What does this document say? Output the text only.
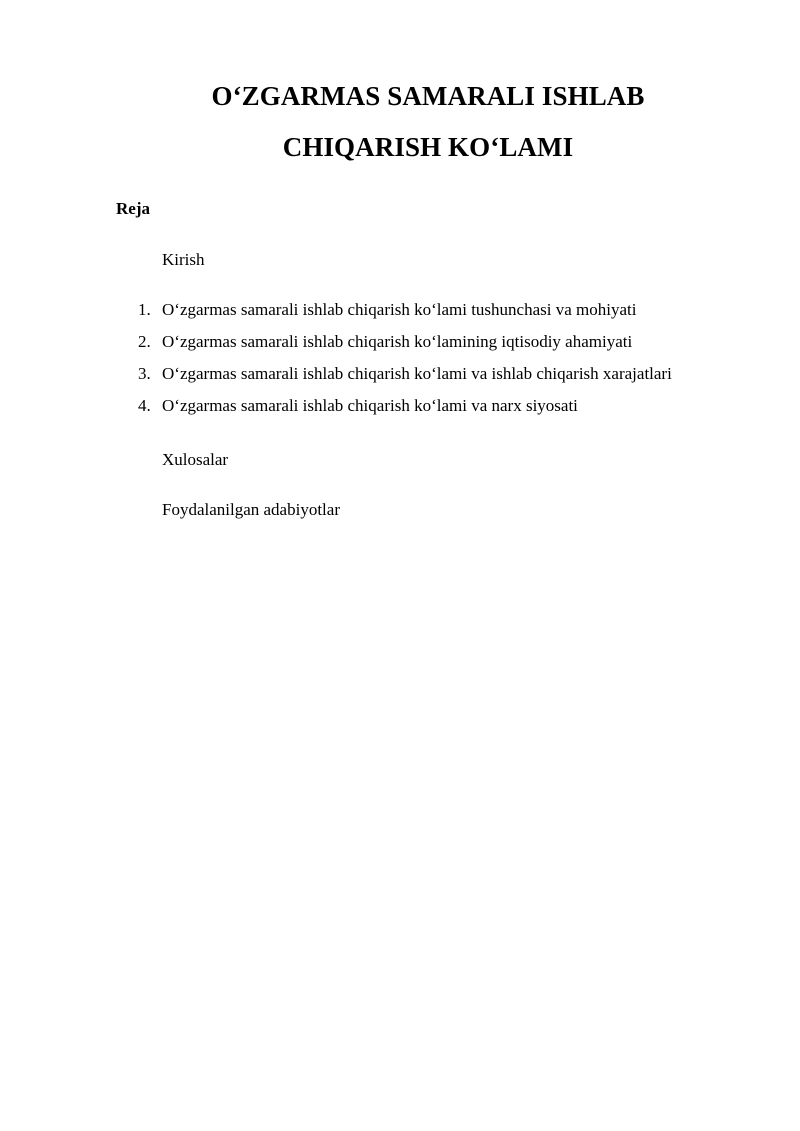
O‘ZGARMAS SAMARALI ISHLAB
CHIQARISH KO‘LAMI
Reja
Kirish
1. O‘zgarmas samarali ishlab chiqarish ko‘lami tushunchasi va mohiyati
2. O‘zgarmas samarali ishlab chiqarish ko‘lamining iqtisodiy ahamiyati
3. O‘zgarmas samarali ishlab chiqarish ko‘lami va ishlab chiqarish xarajatlari
4. O‘zgarmas samarali ishlab chiqarish ko‘lami va narx siyosati
Xulosalar
Foydalanilgan adabiyotlar
